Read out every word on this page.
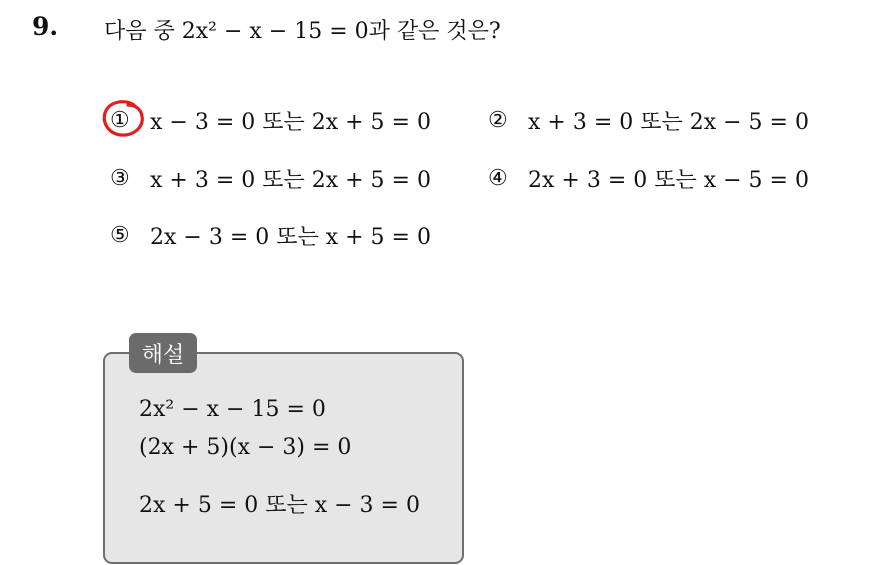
9. 다음 중 2x² − x − 15 = 0과 같은 것은?
① x − 3 = 0 또는 2x + 5 = 0	② x + 3 = 0 또는 2x − 5 = 0
③ x + 3 = 0 또는 2x + 5 = 0	④ 2x + 3 = 0 또는 x − 5 = 0
⑤ 2x − 3 = 0 또는 x + 5 = 0
해설
2x² − x − 15 = 0
(2x + 5)(x − 3) = 0
2x + 5 = 0 또는 x − 3 = 0
